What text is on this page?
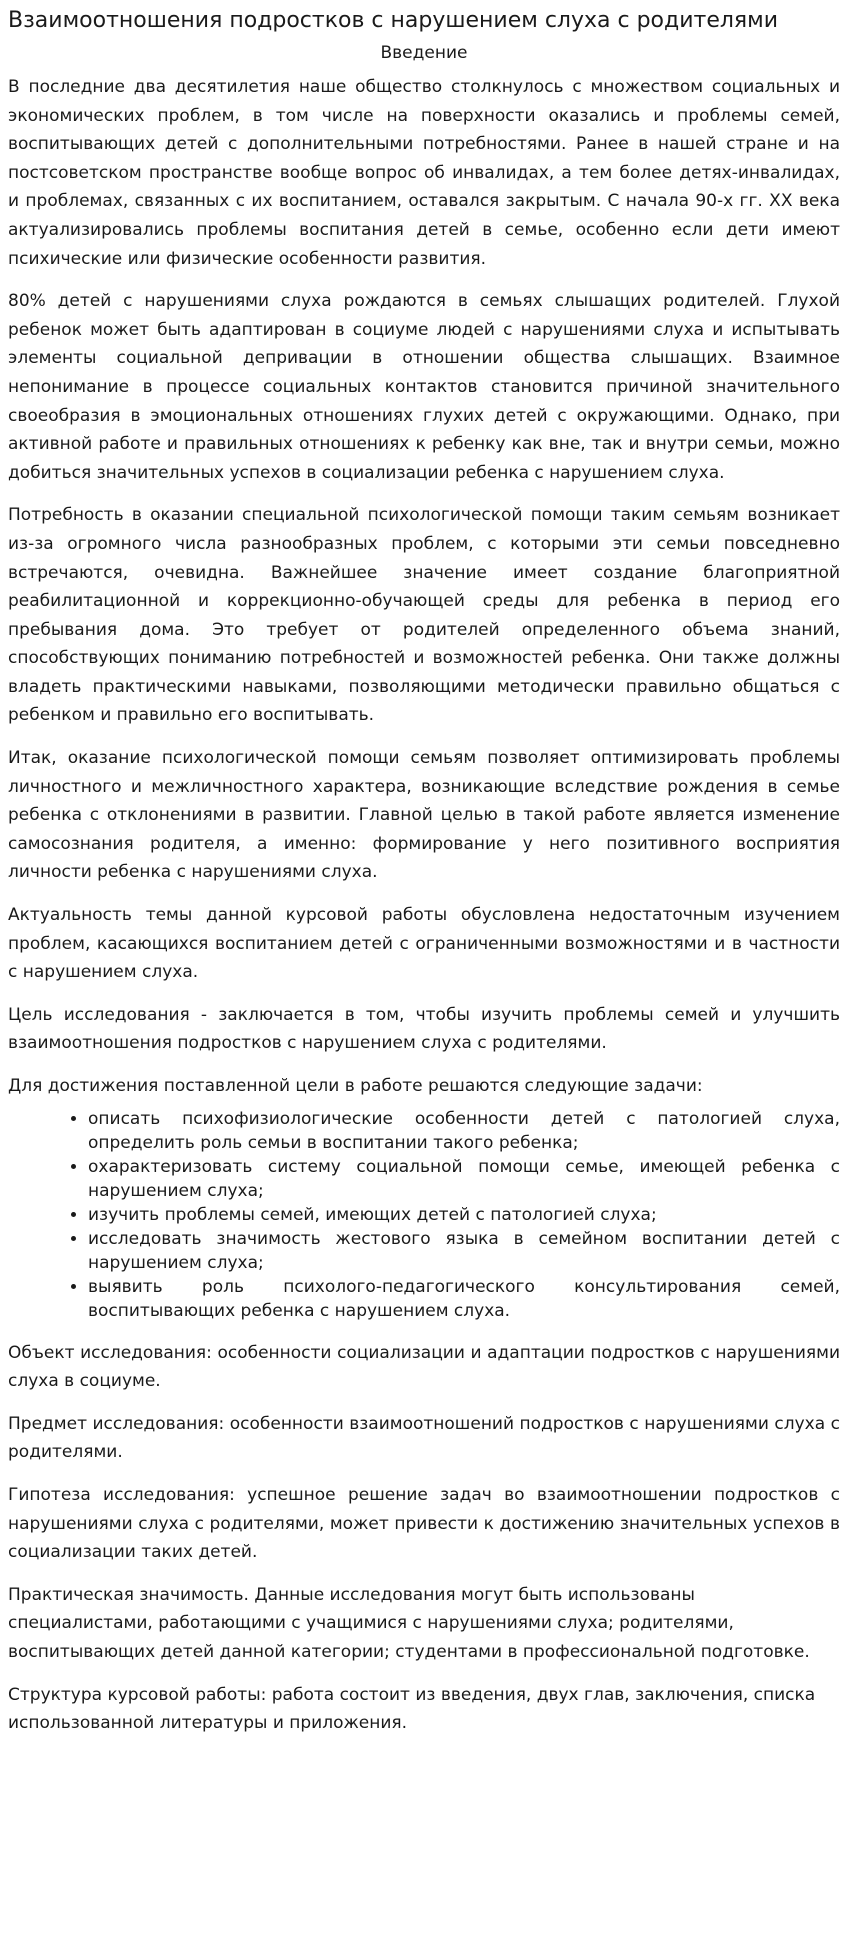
Взаимоотношения подростков с нарушением слуха с родителями
Введение

В последние два десятилетия наше общество столкнулось с множеством социальных и экономических проблем, в том числе на поверхности оказались и проблемы семей, воспитывающих детей с дополнительными потребностями. Ранее в нашей стране и на постсоветском пространстве вообще вопрос об инвалидах, а тем более детях-инвалидах, и проблемах, связанных с их воспитанием, оставался закрытым. С начала 90-х гг. XX века актуализировались проблемы воспитания детей в семье, особенно если дети имеют психические или физические особенности развития.

80% детей с нарушениями слуха рождаются в семьях слышащих родителей. Глухой ребенок может быть адаптирован в социуме людей с нарушениями слуха и испытывать элементы социальной депривации в отношении общества слышащих. Взаимное непонимание в процессе социальных контактов становится причиной значительного своеобразия в эмоциональных отношениях глухих детей с окружающими. Однако, при активной работе и правильных отношениях к ребенку как вне, так и внутри семьи, можно добиться значительных успехов в социализации ребенка с нарушением слуха.

Потребность в оказании специальной психологической помощи таким семьям возникает из-за огромного числа разнообразных проблем, с которыми эти семьи повседневно встречаются, очевидна. Важнейшее значение имеет создание благоприятной реабилитационной и коррекционно-обучающей среды для ребенка в период его пребывания дома. Это требует от родителей определенного объема знаний, способствующих пониманию потребностей и возможностей ребенка. Они также должны владеть практическими навыками, позволяющими методически правильно общаться с ребенком и правильно его воспитывать.

Итак, оказание психологической помощи семьям позволяет оптимизировать проблемы личностного и межличностного характера, возникающие вследствие рождения в семье ребенка с отклонениями в развитии. Главной целью в такой работе является изменение самосознания родителя, а именно: формирование у него позитивного восприятия личности ребенка с нарушениями слуха.

Актуальность темы данной курсовой работы обусловлена недостаточным изучением проблем, касающихся воспитанием детей с ограниченными возможностями и в частности с нарушением слуха.

Цель исследования - заключается в том, чтобы изучить проблемы семей и улучшить взаимоотношения подростков с нарушением слуха с родителями.

Для достижения поставленной цели в работе решаются следующие задачи:

• описать психофизиологические особенности детей с патологией слуха, определить роль семьи в воспитании такого ребенка;
• охарактеризовать систему социальной помощи семье, имеющей ребенка с нарушением слуха;
• изучить проблемы семей, имеющих детей с патологией слуха;
• исследовать значимость жестового языка в семейном воспитании детей с нарушением слуха;
• выявить роль психолого-педагогического консультирования семей, воспитывающих ребенка с нарушением слуха.

Объект исследования: особенности социализации и адаптации подростков с нарушениями слуха в социуме.

Предмет исследования: особенности взаимоотношений подростков с нарушениями слуха с родителями.

Гипотеза исследования: успешное решение задач во взаимоотношении подростков с нарушениями слуха с родителями, может привести к достижению значительных успехов в социализации таких детей.

Практическая значимость. Данные исследования могут быть использованы специалистами, работающими с учащимися с нарушениями слуха; родителями, воспитывающих детей данной категории; студентами в профессиональной подготовке.

Структура курсовой работы: работа состоит из введения, двух глав, заключения, списка использованной литературы и приложения.
